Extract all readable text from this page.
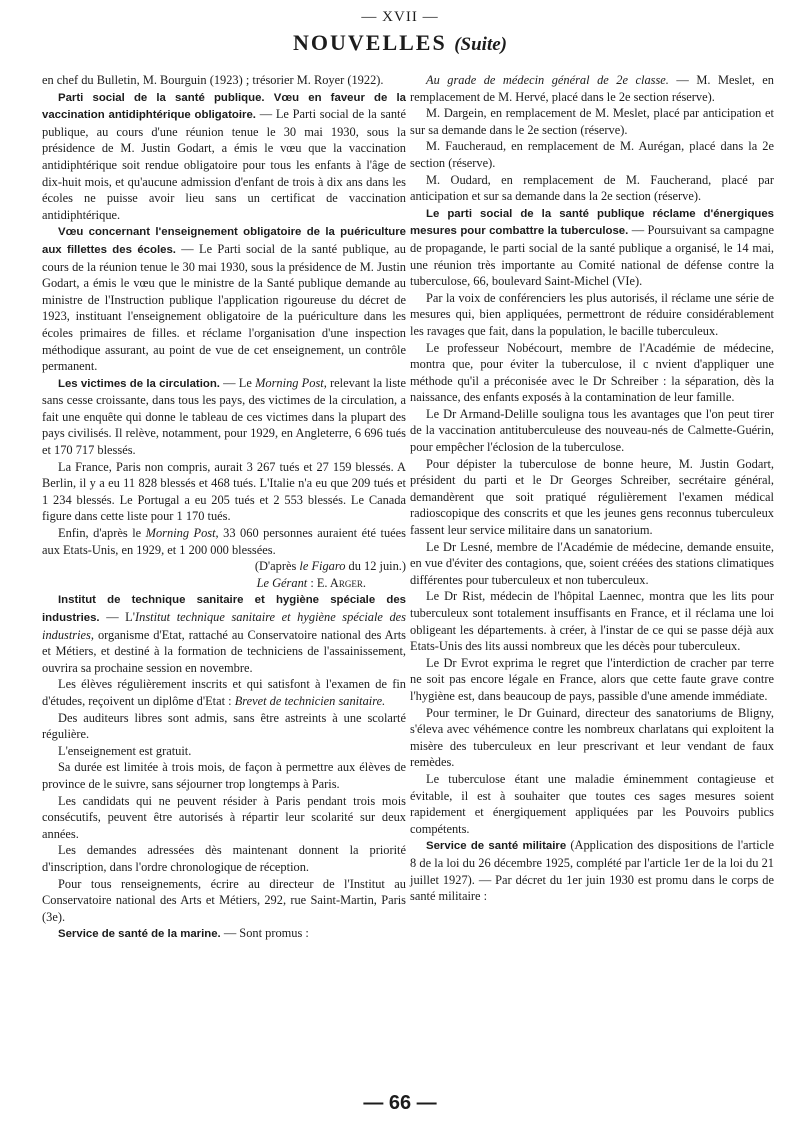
— XVII —
NOUVELLES (Suite)

en chef du Bulletin, M. Bourguin (1923) ; trésorier M. Royer (1922).

Parti social de la santé publique. Vœu en faveur de la vaccination antidiphtérique obligatoire. — Le Parti social de la santé publique, au cours d'une réunion tenue le 30 mai 1930, sous la présidence de M. Justin Godart, a émis le vœu que la vaccination antidiphtérique soit rendue obligatoire pour tous les enfants à l'âge de dix-huit mois, et qu'aucune admission d'enfant de trois à dix ans dans les écoles ne puisse avoir lieu sans un certificat de vaccination antidiphtérique.

Vœu concernant l'enseignement obligatoire de la puériculture aux fillettes des écoles. — Le Parti social de la santé publique, au cours de la réunion tenue le 30 mai 1930, sous la présidence de M. Justin Godart, a émis le vœu que le ministre de la Santé publique demande au ministre de l'Instruction publique l'application rigoureuse du décret de 1923, instituant l'enseignement obligatoire de la puériculture dans les écoles primaires de filles. et réclame l'organisation d'une inspection méthodique assurant, au point de vue de cet enseignement, un contrôle permanent.

Les victimes de la circulation. — Le Morning Post, relevant la liste sans cesse croissante, dans tous les pays, des victimes de la circulation, a fait une enquête qui donne le tableau de ces victimes dans la plupart des pays civilisés. Il relève, notamment, pour 1929, en Angleterre, 6 696 tués et 170 717 blessés.

La France, Paris non compris, aurait 3 267 tués et 27 159 blessés. A Berlin, il y a eu 11 828 blessés et 468 tués. L'Italie n'a eu que 209 tués et 1 234 blessés. Le Portugal a eu 205 tués et 2 553 blessés. Le Canada figure dans cette liste pour 1 170 tués.

Enfin, d'après le Morning Post, 33 060 personnes auraient été tuées aux Etats-Unis, en 1929, et 1 200 000 blessées.

(D'après le Figaro du 12 juin.)

Le Gérant : E. Arger.

Institut de technique sanitaire et hygiène spéciale des industries. — L'Institut technique sanitaire et hygiène spéciale des industries, organisme d'Etat, rattaché au Conservatoire national des Arts et Métiers, et destiné à la formation de techniciens de l'assainissement, ouvrira sa prochaine session en novembre.

Les élèves régulièrement inscrits et qui satisfont à l'examen de fin d'études, reçoivent un diplôme d'Etat : Brevet de technicien sanitaire.

Des auditeurs libres sont admis, sans être astreints à une scolarté régulière.

L'enseignement est gratuit.

Sa durée est limitée à trois mois, de façon à permettre aux élèves de province de le suivre, sans séjourner trop longtemps à Paris.

Les candidats qui ne peuvent résider à Paris pendant trois mois consécutifs, peuvent être autorisés à répartir leur scolarité sur deux années.

Les demandes adressées dès maintenant donnent la priorité d'inscription, dans l'ordre chronologique de réception.

Pour tous renseignements, écrire au directeur de l'Institut au Conservatoire national des Arts et Métiers, 292, rue Saint-Martin, Paris (3e).

Service de santé de la marine. — Sont promus :

Au grade de médecin général de 2e classe. — M. Meslet, en remplacement de M. Hervé, placé dans le 2e section réserve).

M. Dargein, en remplacement de M. Meslet, placé par anticipation et sur sa demande dans le 2e section (réserve).

M. Faucheraud, en remplacement de M. Aurégan, placé dans la 2e section (réserve).

M. Oudard, en remplacement de M. Faucherand, placé par anticipation et sur sa demande dans la 2e section (réserve).

Le parti social de la santé publique réclame d'énergiques mesures pour combattre la tuberculose. — Poursuivant sa campagne de propagande, le parti social de la santé publique a organisé, le 14 mai, une réunion très importante au Comité national de défense contre la tuberculose, 66, boulevard Saint-Michel (VIe).

Par la voix de conférenciers les plus autorisés, il réclame une série de mesures qui, bien appliquées, permettront de réduire considérablement les ravages que fait, dans la population, le bacille tuberculeux.

Le professeur Nobécourt, membre de l'Académie de médecine, montra que, pour éviter la tuberculose, il c nvient d'appliquer une méthode qu'il a préconisée avec le Dr Schreiber : la séparation, dès la naissance, des enfants exposés à la contamination de leur famille.

Le Dr Armand-Delille souligna tous les avantages que l'on peut tirer de la vaccination antituberculeuse des nouveau-nés de Calmette-Guérin, pour empêcher l'éclosion de la tuberculose.

Pour dépister la tuberculose de bonne heure, M. Justin Godart, président du parti et le Dr Georges Schreiber, secrétaire général, demandèrent que soit pratiqué régulièrement l'examen médical radioscopique des conscrits et que les jeunes gens reconnus tuberculeux fassent leur service militaire dans un sanatorium.

Le Dr Lesné, membre de l'Académie de médecine, demande ensuite, en vue d'éviter des contagions, que, soient créées des stations climatiques différentes pour tuberculeux et non tuberculeux.

Le Dr Rist, médecin de l'hôpital Laennec, montra que les lits pour tuberculeux sont totalement insuffisants en France, et il réclama une loi obligeant les départements. à créer, à l'instar de ce qui se passe déjà aux Etats-Unis des lits aussi nombreux que les décès pour tuberculeux.

Le Dr Evrot exprima le regret que l'interdiction de cracher par terre ne soit pas encore légale en France, alors que cette faute grave contre l'hygiène est, dans beaucoup de pays, passible d'une amende immédiate.

Pour terminer, le Dr Guinard, directeur des sanatoriums de Bligny, s'éleva avec véhémence contre les nombreux charlatans qui exploitent la misère des tuberculeux en leur prescrivant et leur vendant de faux remèdes.

Le tuberculose étant une maladie éminemment contagieuse et évitable, il est à souhaiter que toutes ces sages mesures soient rapidement et énergiquement appliquées par les Pouvoirs publics compétents.

Service de santé militaire (Application des dispositions de l'article 8 de la loi du 26 décembre 1925, complété par l'article 1er de la loi du 21 juillet 1927). — Par décret du 1er juin 1930 est promu dans le corps de santé militaire :

— 66 —
